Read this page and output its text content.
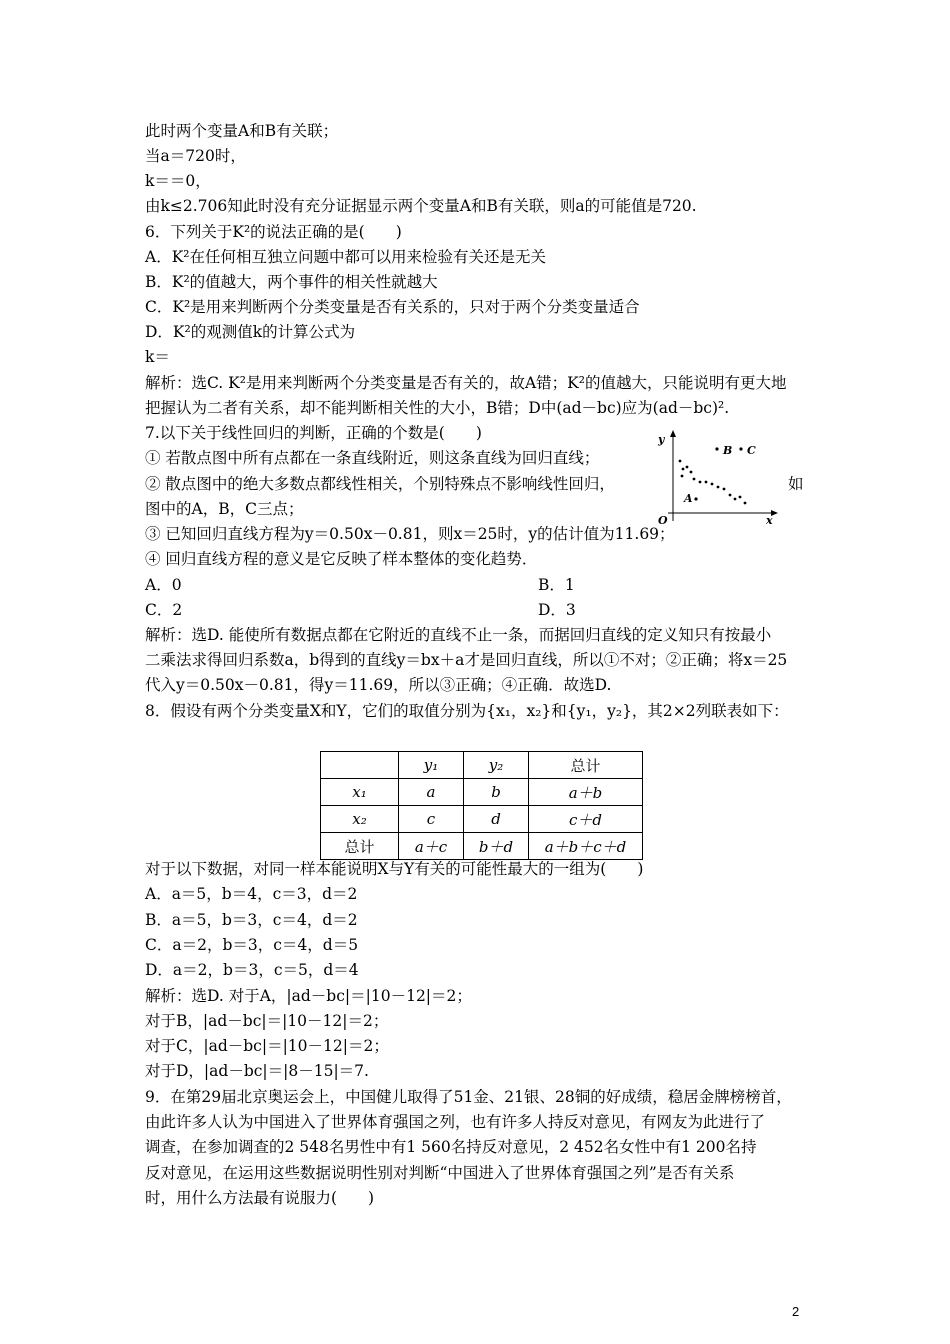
此时两个变量A和B有关联；
当a＝720时，
k＝＝0，
由k≤2.706知此时没有充分证据显示两个变量A和B有关联，则a的可能值是720.
6．下列关于K²的说法正确的是(　　)
A．K²在任何相互独立问题中都可以用来检验有关还是无关
B．K²的值越大，两个事件的相关性就越大
C．K²是用来判断两个分类变量是否有关系的，只对于两个分类变量适合
D．K²的观测值k的计算公式为
k＝
解析：选C. K²是用来判断两个分类变量是否有关的，故A错；K²的值越大，只能说明有更大地
把握认为二者有关系，却不能判断相关性的大小，B错；D中(ad－bc)应为(ad－bc)².
7.以下关于线性回归的判断，正确的个数是(　　)
① 若散点图中所有点都在一条直线附近，则这条直线为回归直线；
② 散点图中的绝大多数点都线性相关，个别特殊点不影响线性回归，	如
图中的A，B，C三点；
③ 已知回归直线方程为y＝0.50x－0.81，则x＝25时，y的估计值为11.69；
④ 回归直线方程的意义是它反映了样本整体的变化趋势．
A．0	B．1
C．2	D．3
解析：选D. 能使所有数据点都在它附近的直线不止一条，而据回归直线的定义知只有按最小
二乘法求得回归系数a，b得到的直线y＝bx＋a才是回归直线，所以①不对；②正确；将x＝25
代入y＝0.50x－0.81，得y＝11.69，所以③正确；④正确．故选D.
y
x
O
B C
A
8．假设有两个分类变量X和Y，它们的取值分别为{x₁，x₂}和{y₁，y₂}，其2×2列联表如下：
	y₁	y₂	总计
x₁	a	b	a＋b
x₂	c	d	c＋d
总计	a＋c	b＋d	a＋b＋c＋d
对于以下数据，对同一样本能说明X与Y有关的可能性最大的一组为(　　)
A．a＝5，b＝4，c＝3，d＝2
B．a＝5，b＝3，c＝4，d＝2
C．a＝2，b＝3，c＝4，d＝5
D．a＝2，b＝3，c＝5，d＝4
解析：选D. 对于A，|ad－bc|＝|10－12|＝2；
对于B，|ad－bc|＝|10－12|＝2；
对于C，|ad－bc|＝|10－12|＝2；
对于D，|ad－bc|＝|8－15|＝7.
9．在第29届北京奥运会上，中国健儿取得了51金、21银、28铜的好成绩，稳居金牌榜榜首，
由此许多人认为中国进入了世界体育强国之列，也有许多人持反对意见，有网友为此进行了
调查，在参加调查的2 548名男性中有1 560名持反对意见，2 452名女性中有1 200名持
反对意见，在运用这些数据说明性别对判断“中国进入了世界体育强国之列”是否有关系
时，用什么方法最有说服力(　　)
2
